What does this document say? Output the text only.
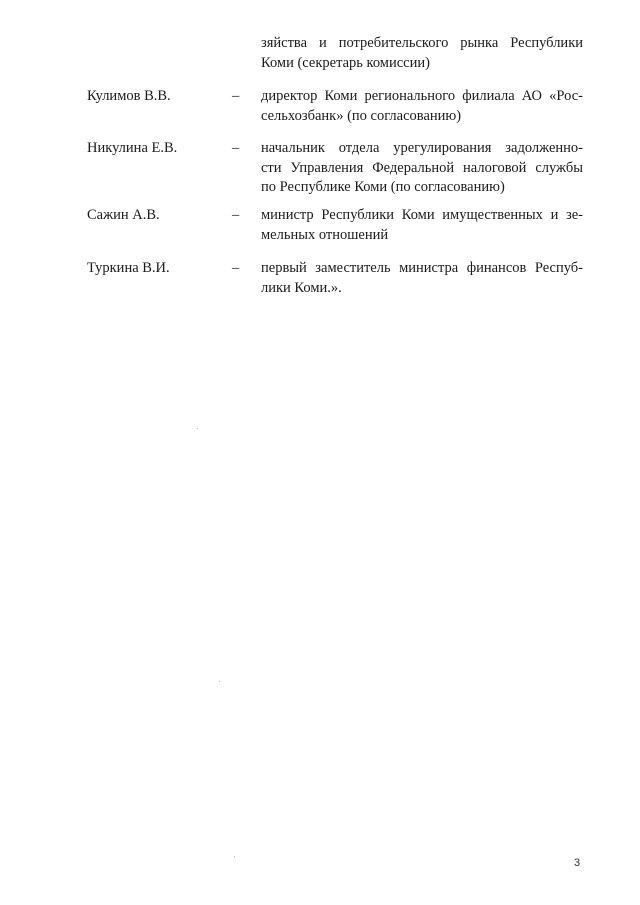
зяйства и потребительского рынка Республики
Коми (секретарь комиссии)
Кулимов В.В.	– директор Коми регионального филиала АО «Рос-
сельхозбанк» (по согласованию)
Никулина Е.В.	– начальник отдела урегулирования задолженно-
сти Управления Федеральной налоговой службы
по Республике Коми (по согласованию)
Сажин А.В.	– министр Республики Коми имущественных и зе-
мельных отношений
Туркина В.И.	– первый заместитель министра финансов Респуб-
лики Коми.».
3
